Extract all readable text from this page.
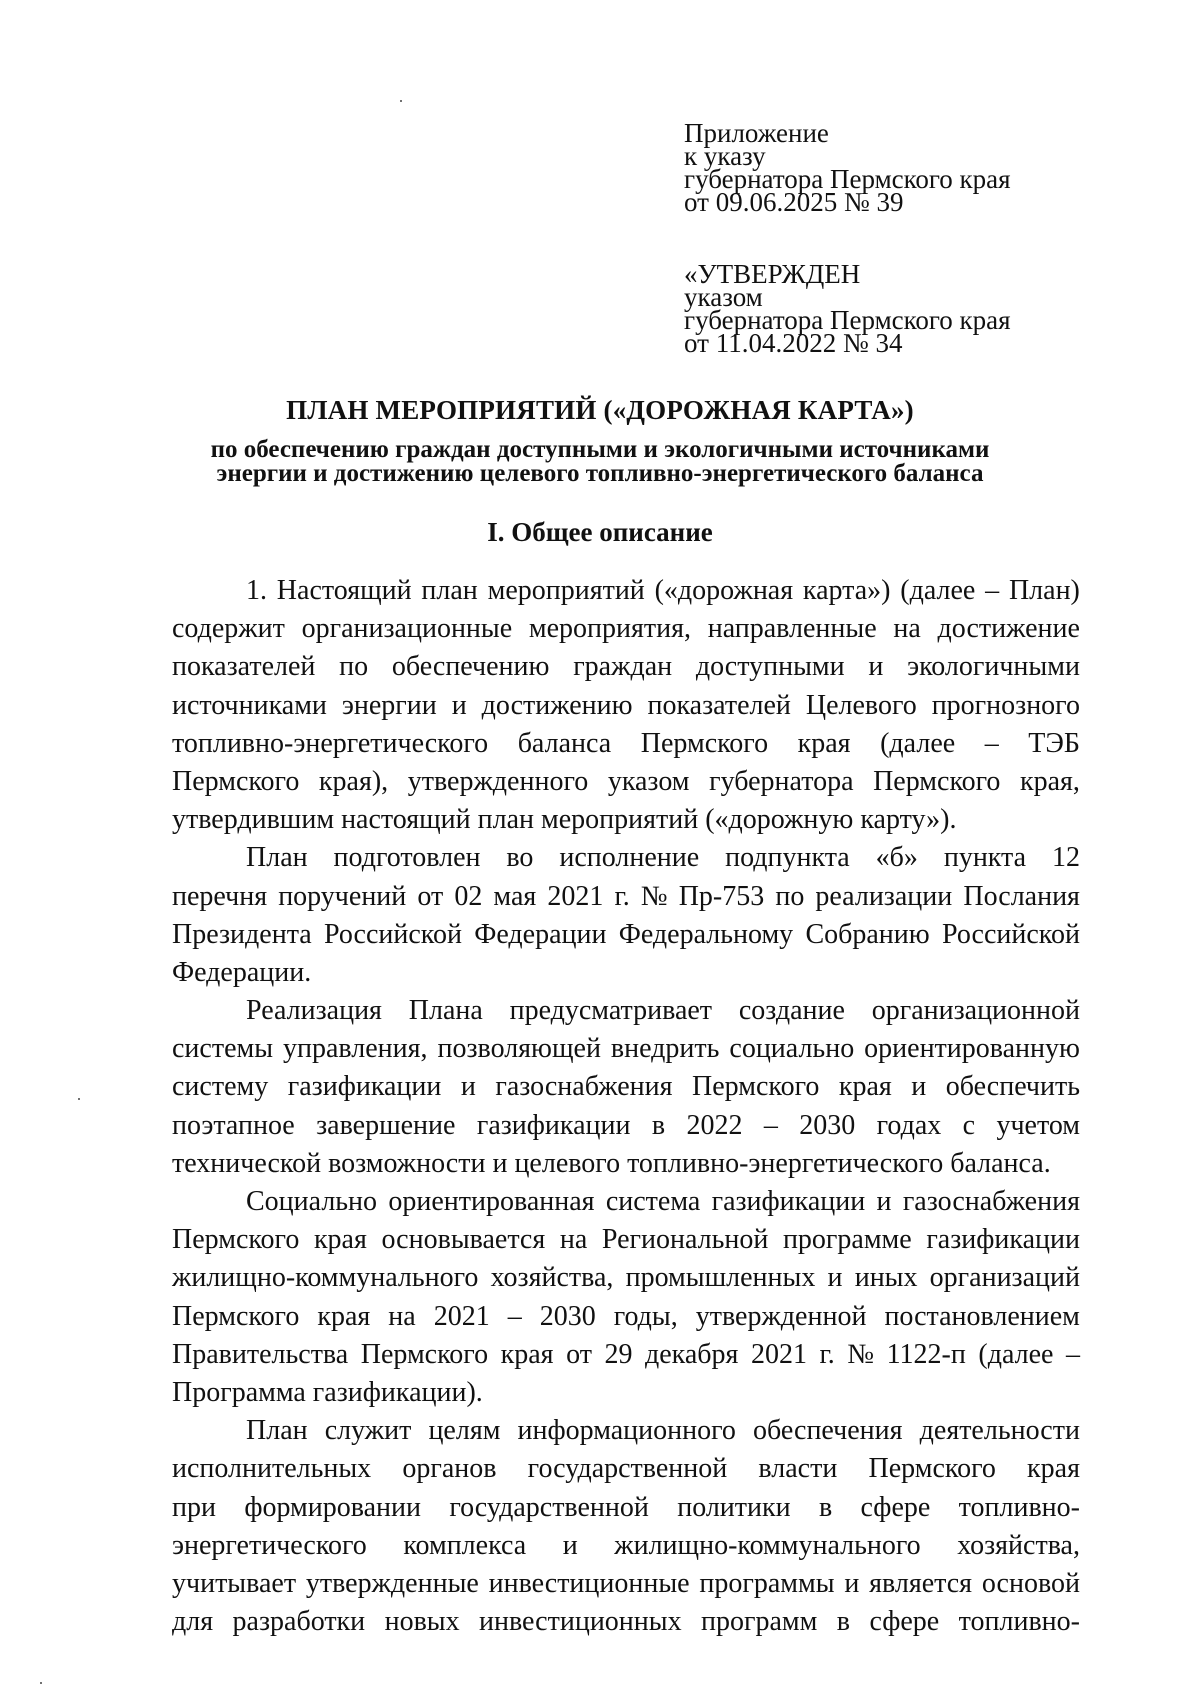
Приложение
к указу
губернатора Пермского края
от 09.06.2025 № 39
«УТВЕРЖДЕН
указом
губернатора Пермского края
от 11.04.2022 № 34
ПЛАН МЕРОПРИЯТИЙ («ДОРОЖНАЯ КАРТА»)
по обеспечению граждан доступными и экологичными источниками
энергии и достижению целевого топливно-энергетического баланса
I. Общее описание
1. Настоящий план мероприятий («дорожная карта») (далее – План)
содержит организационные мероприятия, направленные на достижение
показателей по обеспечению граждан доступными и экологичными
источниками энергии и достижению показателей Целевого прогнозного
топливно-энергетического баланса Пермского края (далее – ТЭБ
Пермского края), утвержденного указом губернатора Пермского края,
утвердившим настоящий план мероприятий («дорожную карту»).
План подготовлен во исполнение подпункта «б» пункта 12
перечня поручений от 02 мая 2021 г. № Пр-753 по реализации Послания
Президента Российской Федерации Федеральному Собранию Российской
Федерации.
Реализация Плана предусматривает создание организационной
системы управления, позволяющей внедрить социально ориентированную
систему газификации и газоснабжения Пермского края и обеспечить
поэтапное завершение газификации в 2022 – 2030 годах с учетом
технической возможности и целевого топливно-энергетического баланса.
Социально ориентированная система газификации и газоснабжения
Пермского края основывается на Региональной программе газификации
жилищно-коммунального хозяйства, промышленных и иных организаций
Пермского края на 2021 – 2030 годы, утвержденной постановлением
Правительства Пермского края от 29 декабря 2021 г. № 1122-п (далее –
Программа газификации).
План служит целям информационного обеспечения деятельности
исполнительных органов государственной власти Пермского края
при формировании государственной политики в сфере топливно-
энергетического комплекса и жилищно-коммунального хозяйства,
учитывает утвержденные инвестиционные программы и является основой
для разработки новых инвестиционных программ в сфере топливно-
